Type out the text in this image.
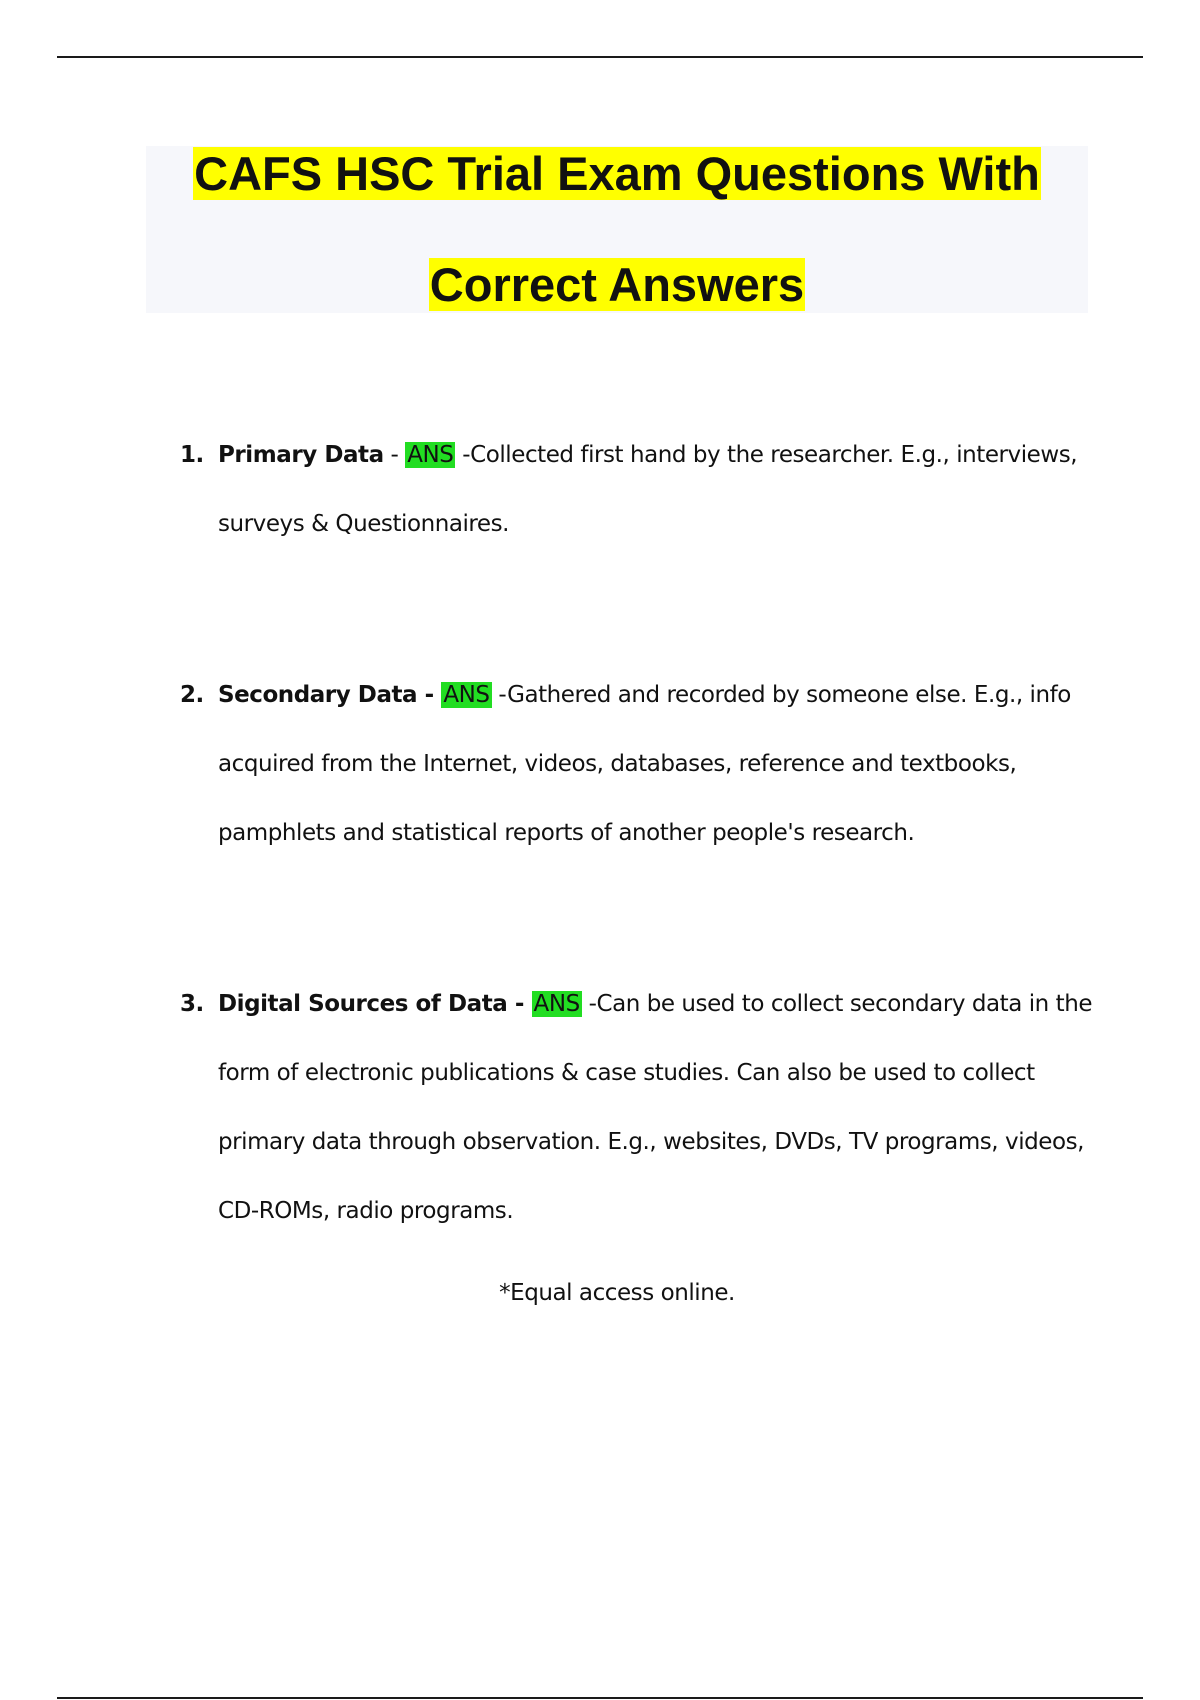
CAFS HSC Trial Exam Questions With
Correct Answers
1. Primary Data - ANS -Collected first hand by the researcher. E.g., interviews, surveys & Questionnaires.
2. Secondary Data - ANS -Gathered and recorded by someone else. E.g., info acquired from the Internet, videos, databases, reference and textbooks, pamphlets and statistical reports of another people's research.
3. Digital Sources of Data - ANS -Can be used to collect secondary data in the form of electronic publications & case studies. Can also be used to collect primary data through observation. E.g., websites, DVDs, TV programs, videos, CD-ROMs, radio programs.
*Equal access online.
